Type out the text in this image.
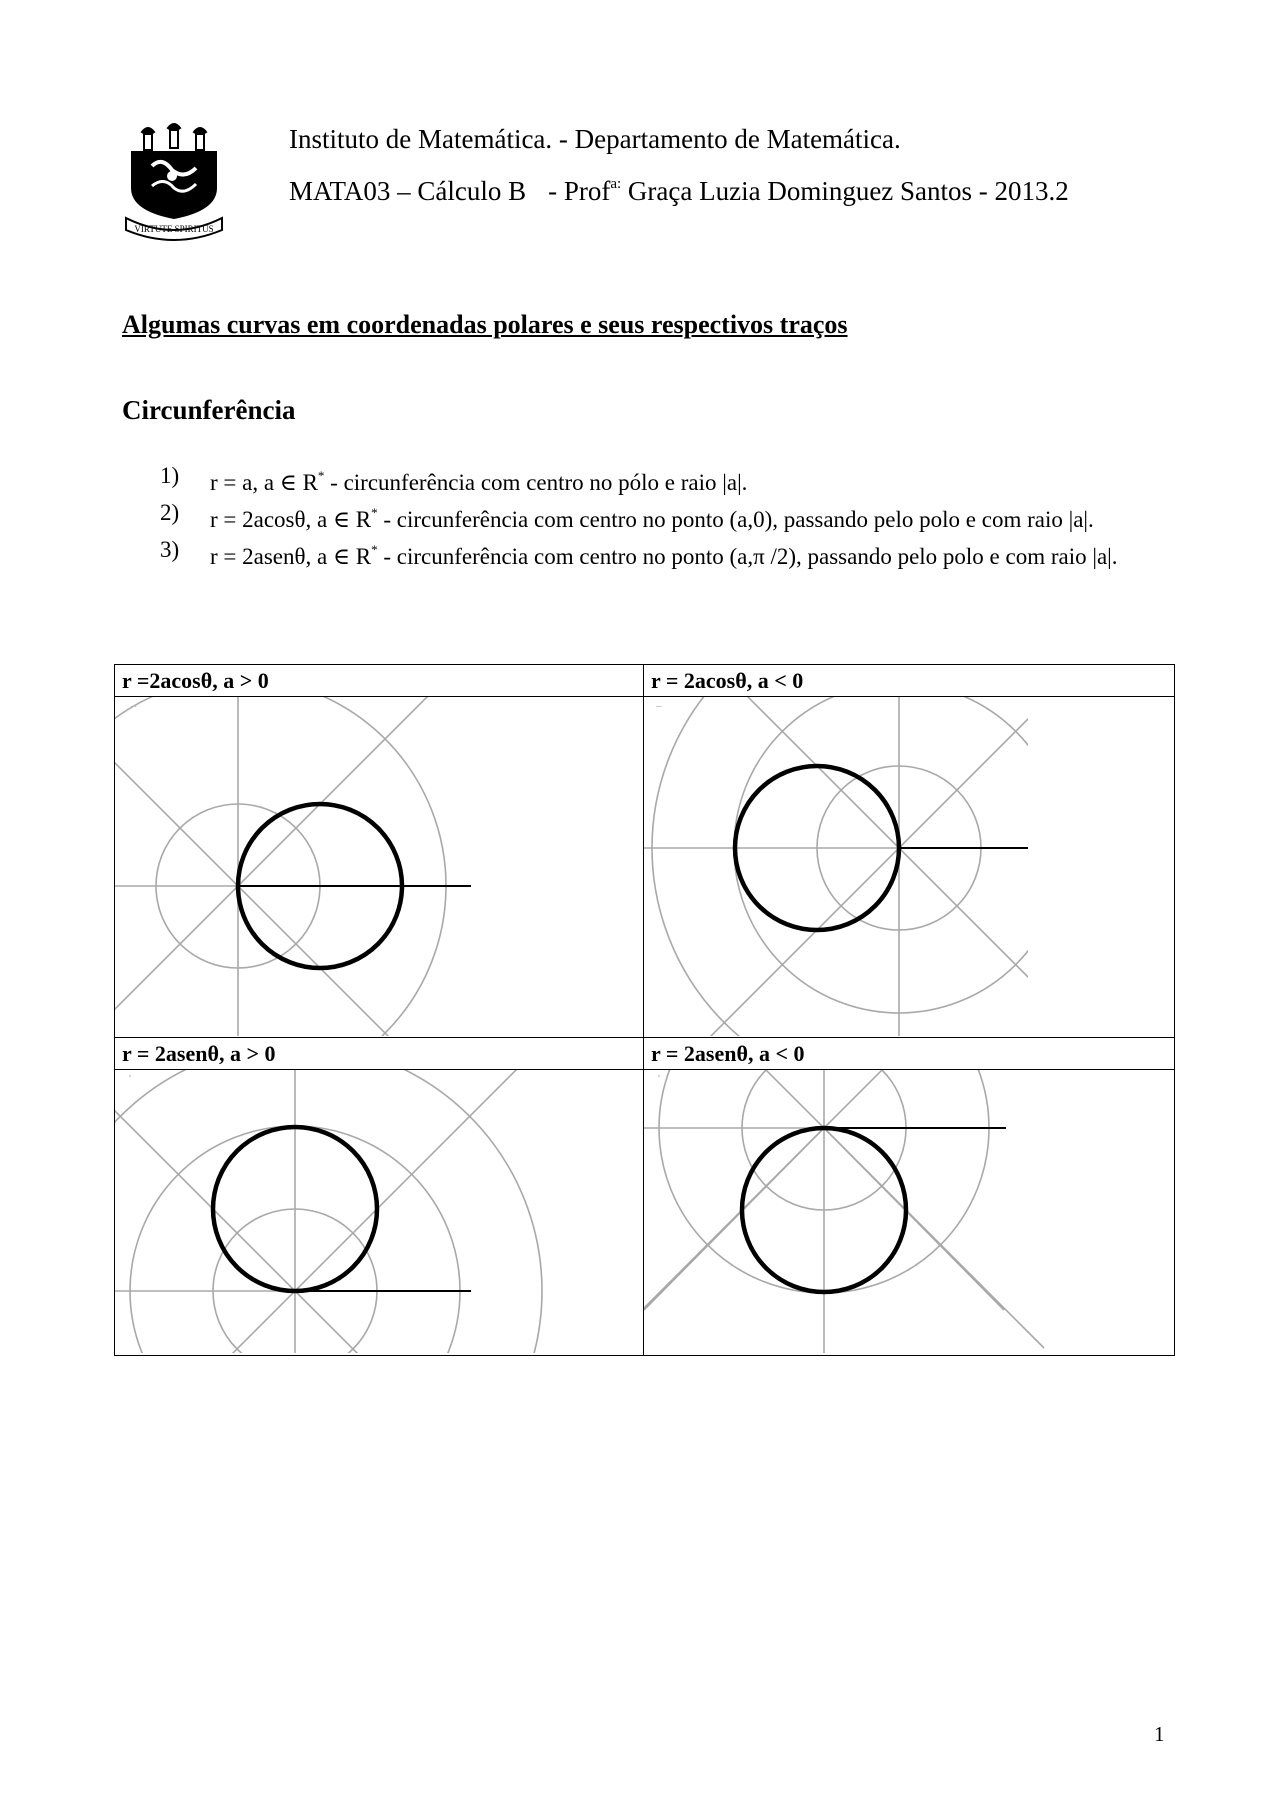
VIRTUTE SPIRITUS
Instituto de Matemática. - Departamento de Matemática.
MATA03 – Cálculo B - Prof$^{a:}$ Graça Luzia Dominguez Santos - 2013.2
Algumas curvas em coordenadas polares e seus respectivos traços
Circunferência
1) r = a, a ∈ R* - circunferência com centro no pólo e raio |a|.
2) r = 2acosθ, a ∈ R* - circunferência com centro no ponto (a,0), passando pelo polo e com raio |a|.
3) r = 2asenθ, a ∈ R* - circunferência com centro no ponto (a,π /2), passando pelo polo e com raio |a|.
r =2acosθ, a > 0
–
r = 2acosθ, a < 0
–
r = 2asenθ, a > 0
'
r = 2asenθ, a < 0
'
1
